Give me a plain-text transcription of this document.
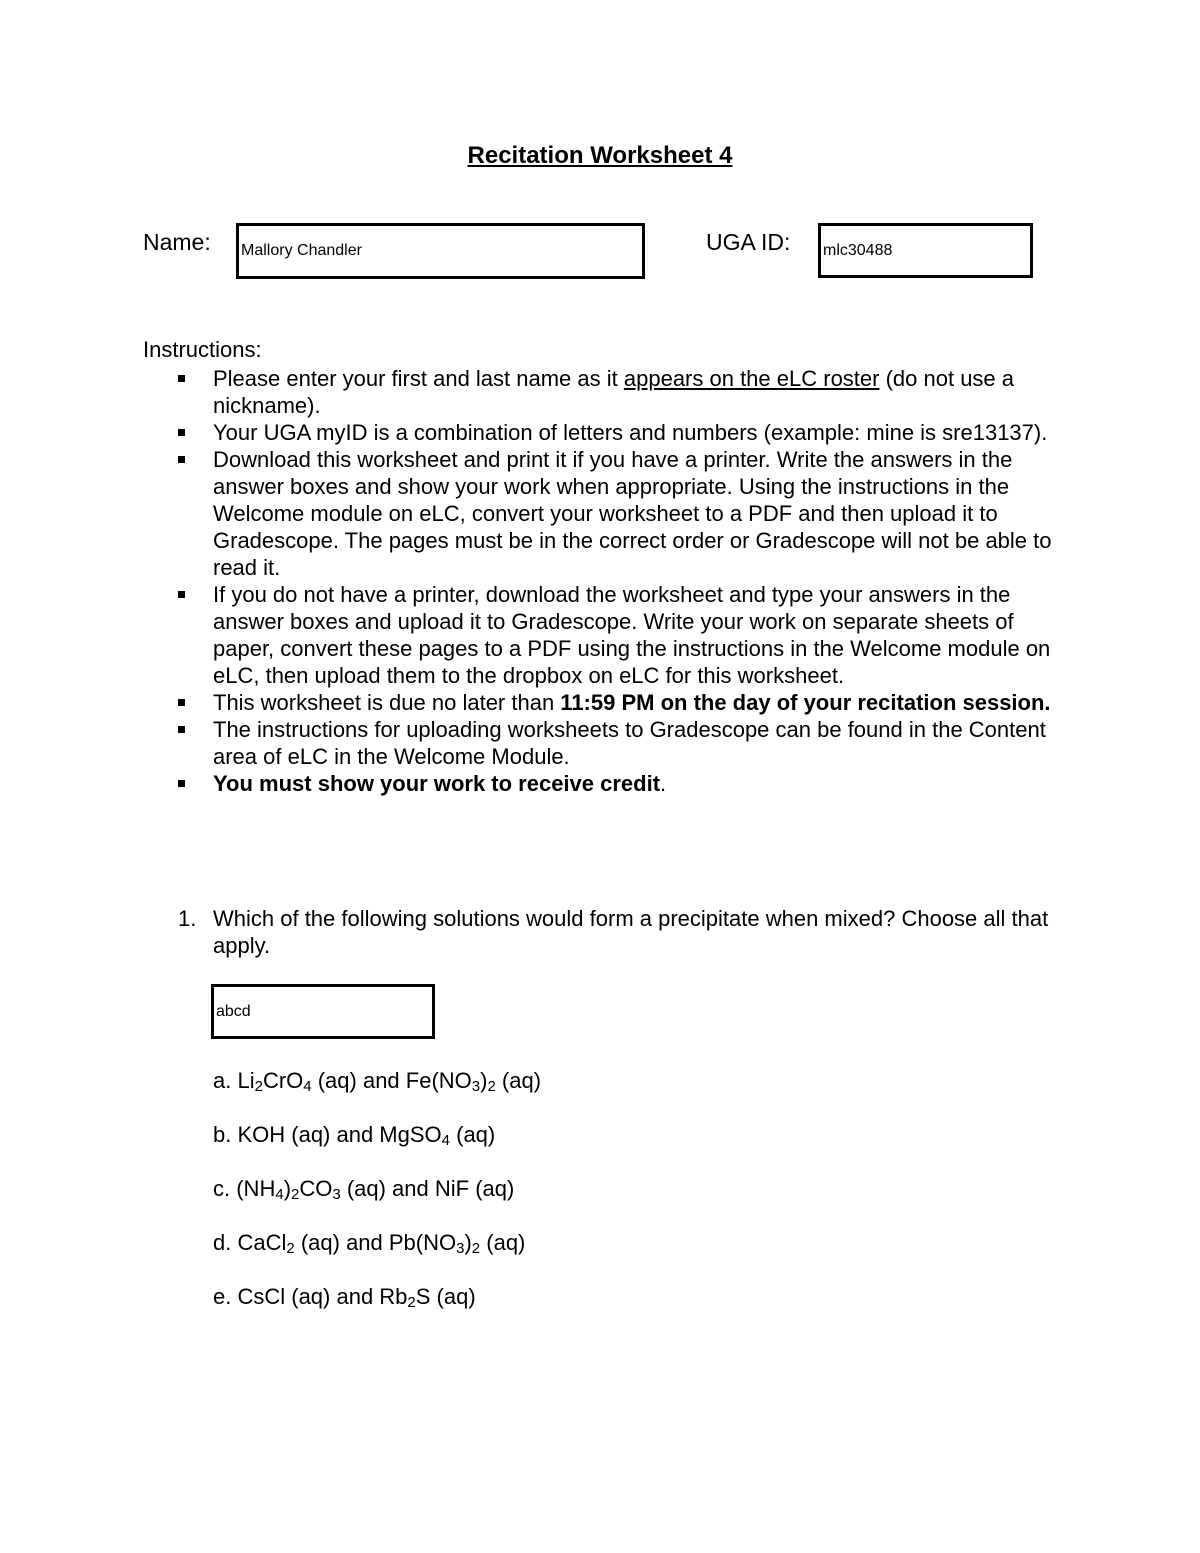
Recitation Worksheet 4
Name: Mallory Chandler	UGA ID: mlc30488
Instructions:
Please enter your first and last name as it appears on the eLC roster (do not use a nickname).
Your UGA myID is a combination of letters and numbers (example: mine is sre13137).
Download this worksheet and print it if you have a printer. Write the answers in the answer boxes and show your work when appropriate. Using the instructions in the Welcome module on eLC, convert your worksheet to a PDF and then upload it to Gradescope. The pages must be in the correct order or Gradescope will not be able to read it.
If you do not have a printer, download the worksheet and type your answers in the answer boxes and upload it to Gradescope. Write your work on separate sheets of paper, convert these pages to a PDF using the instructions in the Welcome module on eLC, then upload them to the dropbox on eLC for this worksheet.
This worksheet is due no later than 11:59 PM on the day of your recitation session.
The instructions for uploading worksheets to Gradescope can be found in the Content area of eLC in the Welcome Module.
You must show your work to receive credit.
1. Which of the following solutions would form a precipitate when mixed? Choose all that apply.
abcd
a. $Li_2CrO_4$ (aq) and $Fe(NO_3)_2$ (aq)
b. KOH (aq) and MgSO$_4$ (aq)
c. $(NH_4)_2CO_3$ (aq) and NiF (aq)
d. CaCl$_2$ (aq) and $Pb(NO_3)_2$ (aq)
e. CsCl (aq) and $Rb_2S$ (aq)
